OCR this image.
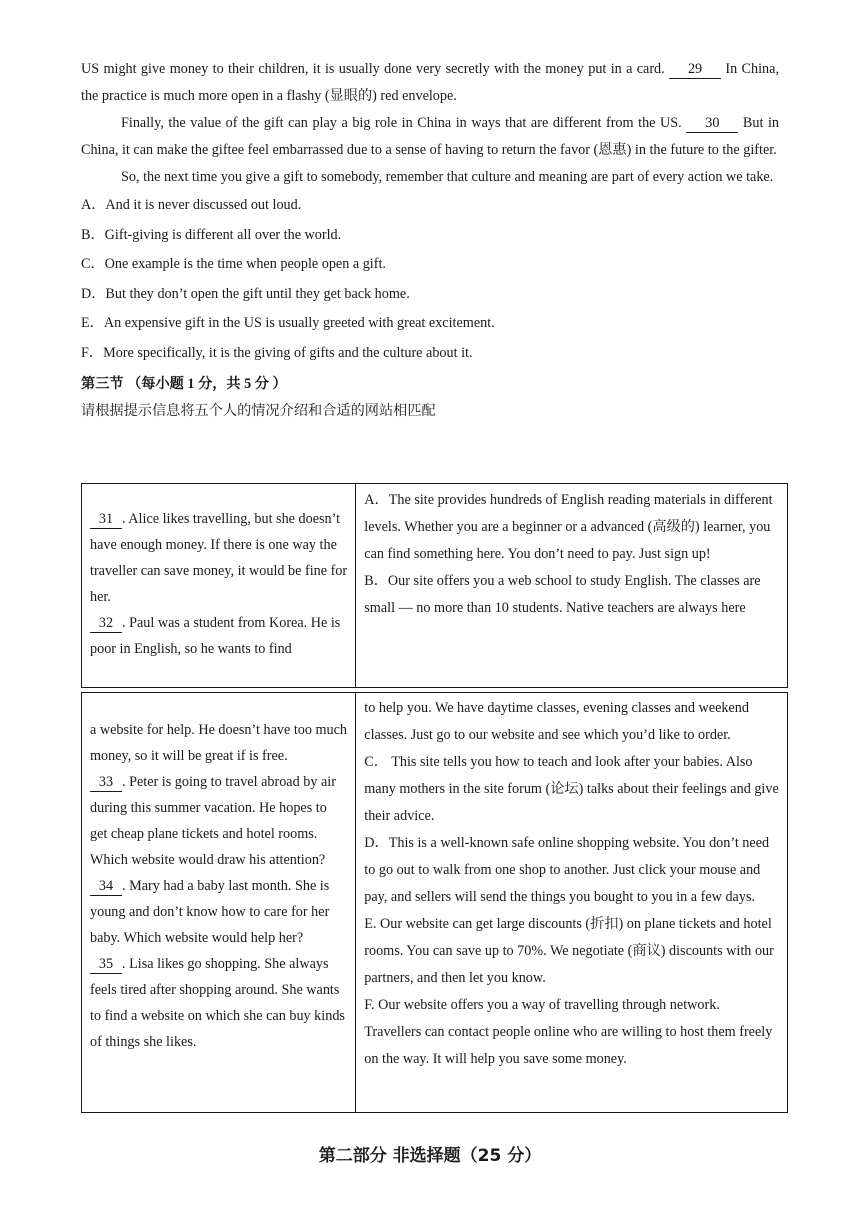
US might give money to their children, it is usually done very secretly with the money put in a card. 29 In China, the practice is much more open in a flashy (显眼的) red envelope.

Finally, the value of the gift can play a big role in China in ways that are different from the US. 30 But in China, it can make the giftee feel embarrassed due to a sense of having to return the favor (恩惠) in the future to the gifter.

So, the next time you give a gift to somebody, remember that culture and meaning are part of every action we take.

A．And it is never discussed out loud.

B．Gift-giving is different all over the world.

C．One example is the time when people open a gift.

D．But they don’t open the gift until they get back home.

E．An expensive gift in the US is usually greeted with great excitement.

F．More specifically, it is the giving of gifts and the culture about it.

第三节 （每小题 1 分，共 5 分 ）

请根据提示信息将五个人的情况介绍和合适的网站相匹配

31 . Alice likes travelling, but she doesn’t have enough money. If there is one way the traveller can save money, it would be fine for her.

32 . Paul was a student from Korea. He is poor in English, so he wants to find

A．The site provides hundreds of English reading materials in different levels. Whether you are a beginner or a advanced (高级的) learner, you can find something here. You don’t need to pay. Just sign up!

B．Our site offers you a web school to study English. The classes are small — no more than 10 students. Native teachers are always here

a website for help. He doesn’t have too much money, so it will be great if is free.

33 . Peter is going to travel abroad by air during this summer vacation. He hopes to get cheap plane tickets and hotel rooms. Which website would draw his attention?

34 . Mary had a baby last month. She is young and don’t know how to care for her baby. Which website would help her?

35 . Lisa likes go shopping. She always feels tired after shopping around. She wants to find a website on which she can buy kinds of things she likes.

to help you. We have daytime classes, evening classes and weekend classes. Just go to our website and see which you’d like to order.

C． This site tells you how to teach and look after your babies. Also many mothers in the site forum (论坛) talks about their feelings and give their advice.

D．This is a well-known safe online shopping website. You don’t need to go out to walk from one shop to another. Just click your mouse and pay, and sellers will send the things you bought to you in a few days.

E. Our website can get large discounts (折扣) on plane tickets and hotel rooms. You can save up to 70%. We negotiate (商议) discounts with our partners, and then let you know.

F. Our website offers you a way of travelling through network. Travellers can contact people online who are willing to host them freely on the way. It will help you save some money.

第二部分 非选择题（25 分）
